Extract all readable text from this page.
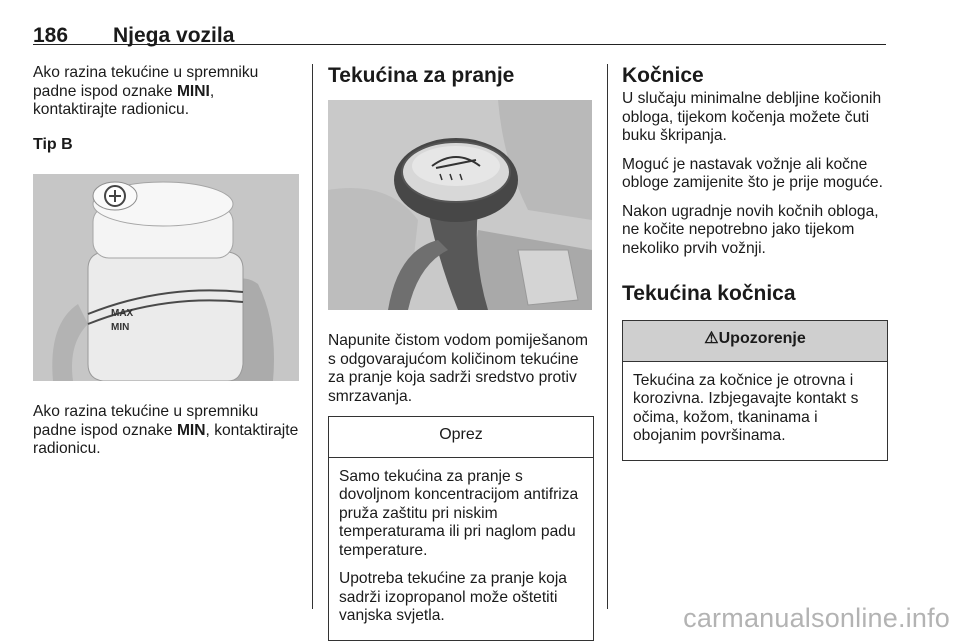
186 Njega vozila

Ako razina tekućine u spremniku padne ispod oznake MINI, kontaktirajte radionicu.

Tip B
MAX
MIN

Ako razina tekućine u spremniku padne ispod oznake MIN, kontaktirajte radionicu.

Tekućina za pranje

Napunite čistom vodom pomiješanom s odgovarajućom količinom tekućine za pranje koja sadrži sredstvo protiv smrzavanja.

Oprez

Samo tekućina za pranje s dovoljnom koncentracijom antifriza pruža zaštitu pri niskim temperaturama ili pri naglom padu temperature.

Upotreba tekućine za pranje koja sadrži izopropanol može oštetiti vanjska svjetla.

Kočnice

U slučaju minimalne debljine kočionih obloga, tijekom kočenja možete čuti buku škripanja.

Moguć je nastavak vožnje ali kočne obloge zamijenite što je prije moguće.

Nakon ugradnje novih kočnih obloga, ne kočite nepotrebno jako tijekom nekoliko prvih vožnji.

Tekućina kočnica
⚠Upozorenje

Tekućina za kočnice je otrovna i korozivna. Izbjegavajte kontakt s očima, kožom, tkaninama i obojanim površinama.

carmanualsonline.info
